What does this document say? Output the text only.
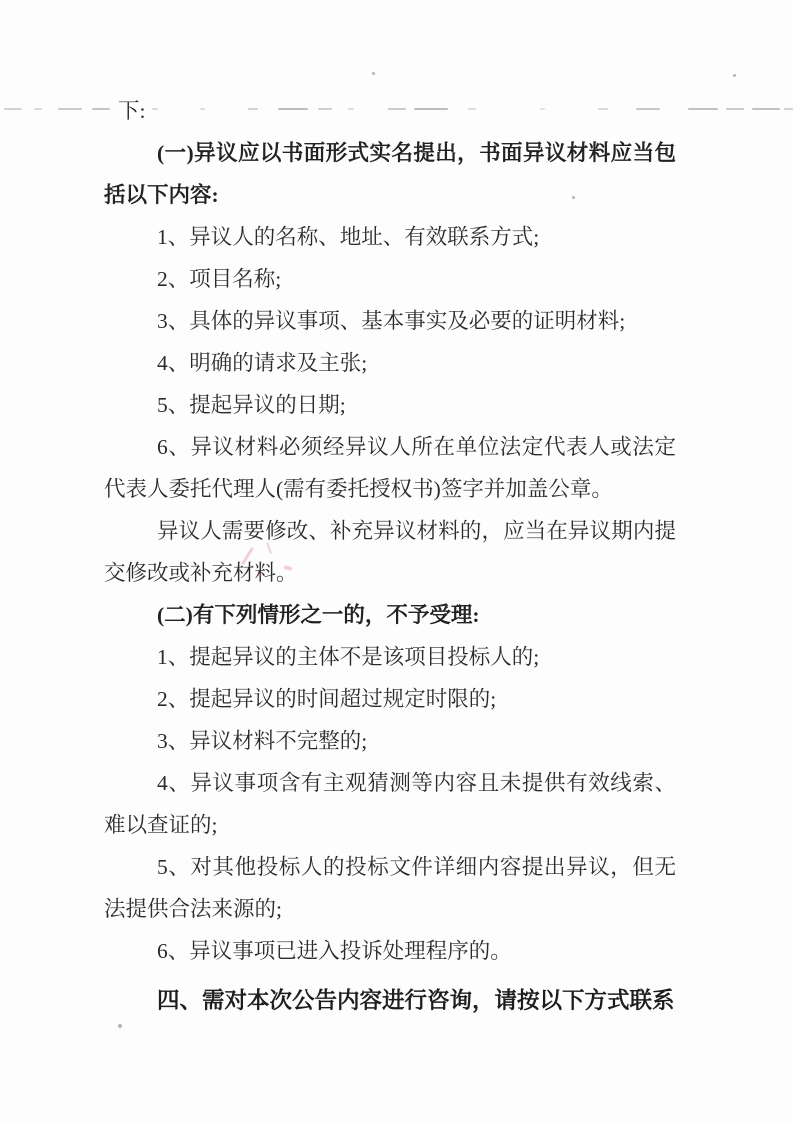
下:
(一)异议应以书面形式实名提出，书面异议材料应当包
括以下内容:
1、异议人的名称、地址、有效联系方式;
2、项目名称;
3、具体的异议事项、基本事实及必要的证明材料;
4、明确的请求及主张;
5、提起异议的日期;
6、异议材料必须经异议人所在单位法定代表人或法定
代表人委托代理人(需有委托授权书)签字并加盖公章。
异议人需要修改、补充异议材料的，应当在异议期内提
交修改或补充材料。
(二)有下列情形之一的，不予受理:
1、提起异议的主体不是该项目投标人的;
2、提起异议的时间超过规定时限的;
3、异议材料不完整的;
4、异议事项含有主观猜测等内容且未提供有效线索、
难以查证的;
5、对其他投标人的投标文件详细内容提出异议，但无
法提供合法来源的;
6、异议事项已进入投诉处理程序的。
四、需对本次公告内容进行咨询，请按以下方式联系
